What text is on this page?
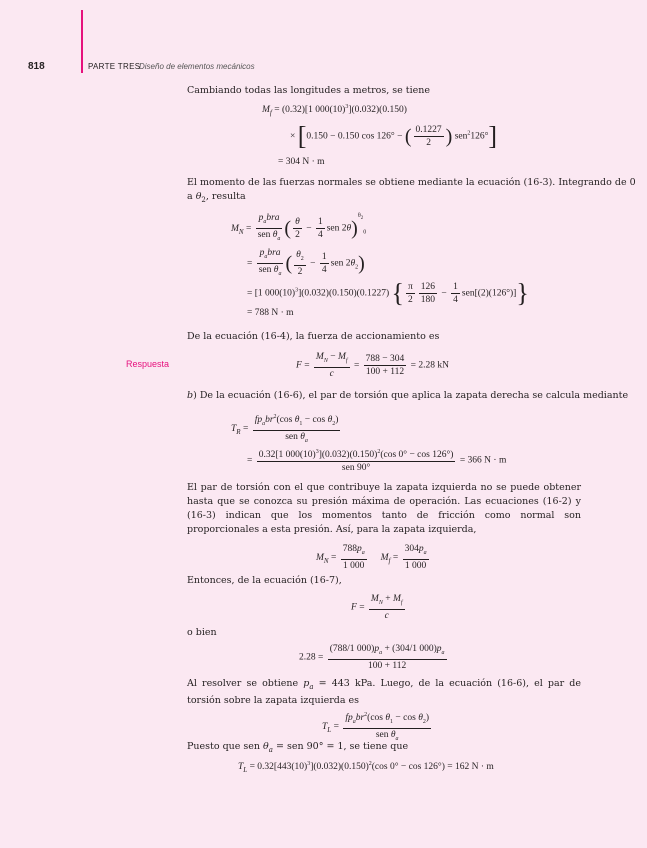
818	PARTE TRES
Diseño de elementos mecánicos
Cambiando todas las longitudes a metros, se tiene
$M_f = (0.32)[1$ $000(10)^3](0.032)(0.150)$
× [0.150 − 0.150 cos 126° − ( $\frac{0.1227}{2}$ ) sen$^2$126°]
= 304 N · m
El momento de las fuerzas normales se obtiene mediante la ecuación (16-3). Integrando de 0
a $\theta_2$, resulta
$M_N = \frac{p_abra}{sen \theta_a}$ ( $\frac{\theta}{2} - \frac{1}{4}$ sen 2θ)$^{\theta_2}_0$
= $\frac{p_abra}{sen \theta_a}$ ( $\frac{\theta_2}{2} - \frac{1}{4}$ sen $2\theta_2$)
= [1 $000(10)^3](0.032)(0.150)(0.1227)$ { $\frac{\pi}{2} \frac{126}{180} - \frac{1}{4} sen[(2)(126^\circ)]$}
= 788 N · m
De la ecuación (16-4), la fuerza de accionamiento es
Respuesta	$F = \frac{M_N - M_f}{c} = \frac{788 - 304}{100 + 112} = 2.28$ kN
b) De la ecuación (16-6), el par de torsión que aplica la zapata derecha se calcula mediante
$T_R = \frac{fp_abr^2(\cos \theta_1 - \cos \theta_2)}{sen \theta_a}$
= $\frac{0.32[1 000(10)^3](0.032)(0.150)^2(\cos 0^\circ - \cos 126^\circ)}{\text{sen 90°}} = 366$ N · m
El par de torsión con el que contribuye la zapata izquierda no se puede obtener hasta que se conozca su presión máxima de operación. Las ecuaciones (16-2) y (16-3) indican que los momentos tanto de fricción como normal son proporcionales a esta presión. Así, para la zapata izquierda,
$M_N = \frac{788p_a}{1 000} M_f = \frac{304p_a}{1 000}$
Entonces, de la ecuación (16-7),
$F = \frac{M_N + M_f}{c}$
o bien
$2.28 = \frac{(788/1 000)p_a + (304/1 000)p_a}{100 + 112}$
Al resolver se obtiene $p_a = 443$ kPa. Luego, de la ecuación (16-6), el par de torsión sobre la zapata izquierda es
$T_L = \frac{fp_abr^2(\cos \theta_1 - \cos \theta_2)}{sen \theta_a}$
Puesto que sen $\theta_a$ = sen 90° = 1, se tiene que
$T_L = 0.32[443(10)^3](0.032)(0.150)^2(\cos$ 0° − cos 126°) = 162 N · m
